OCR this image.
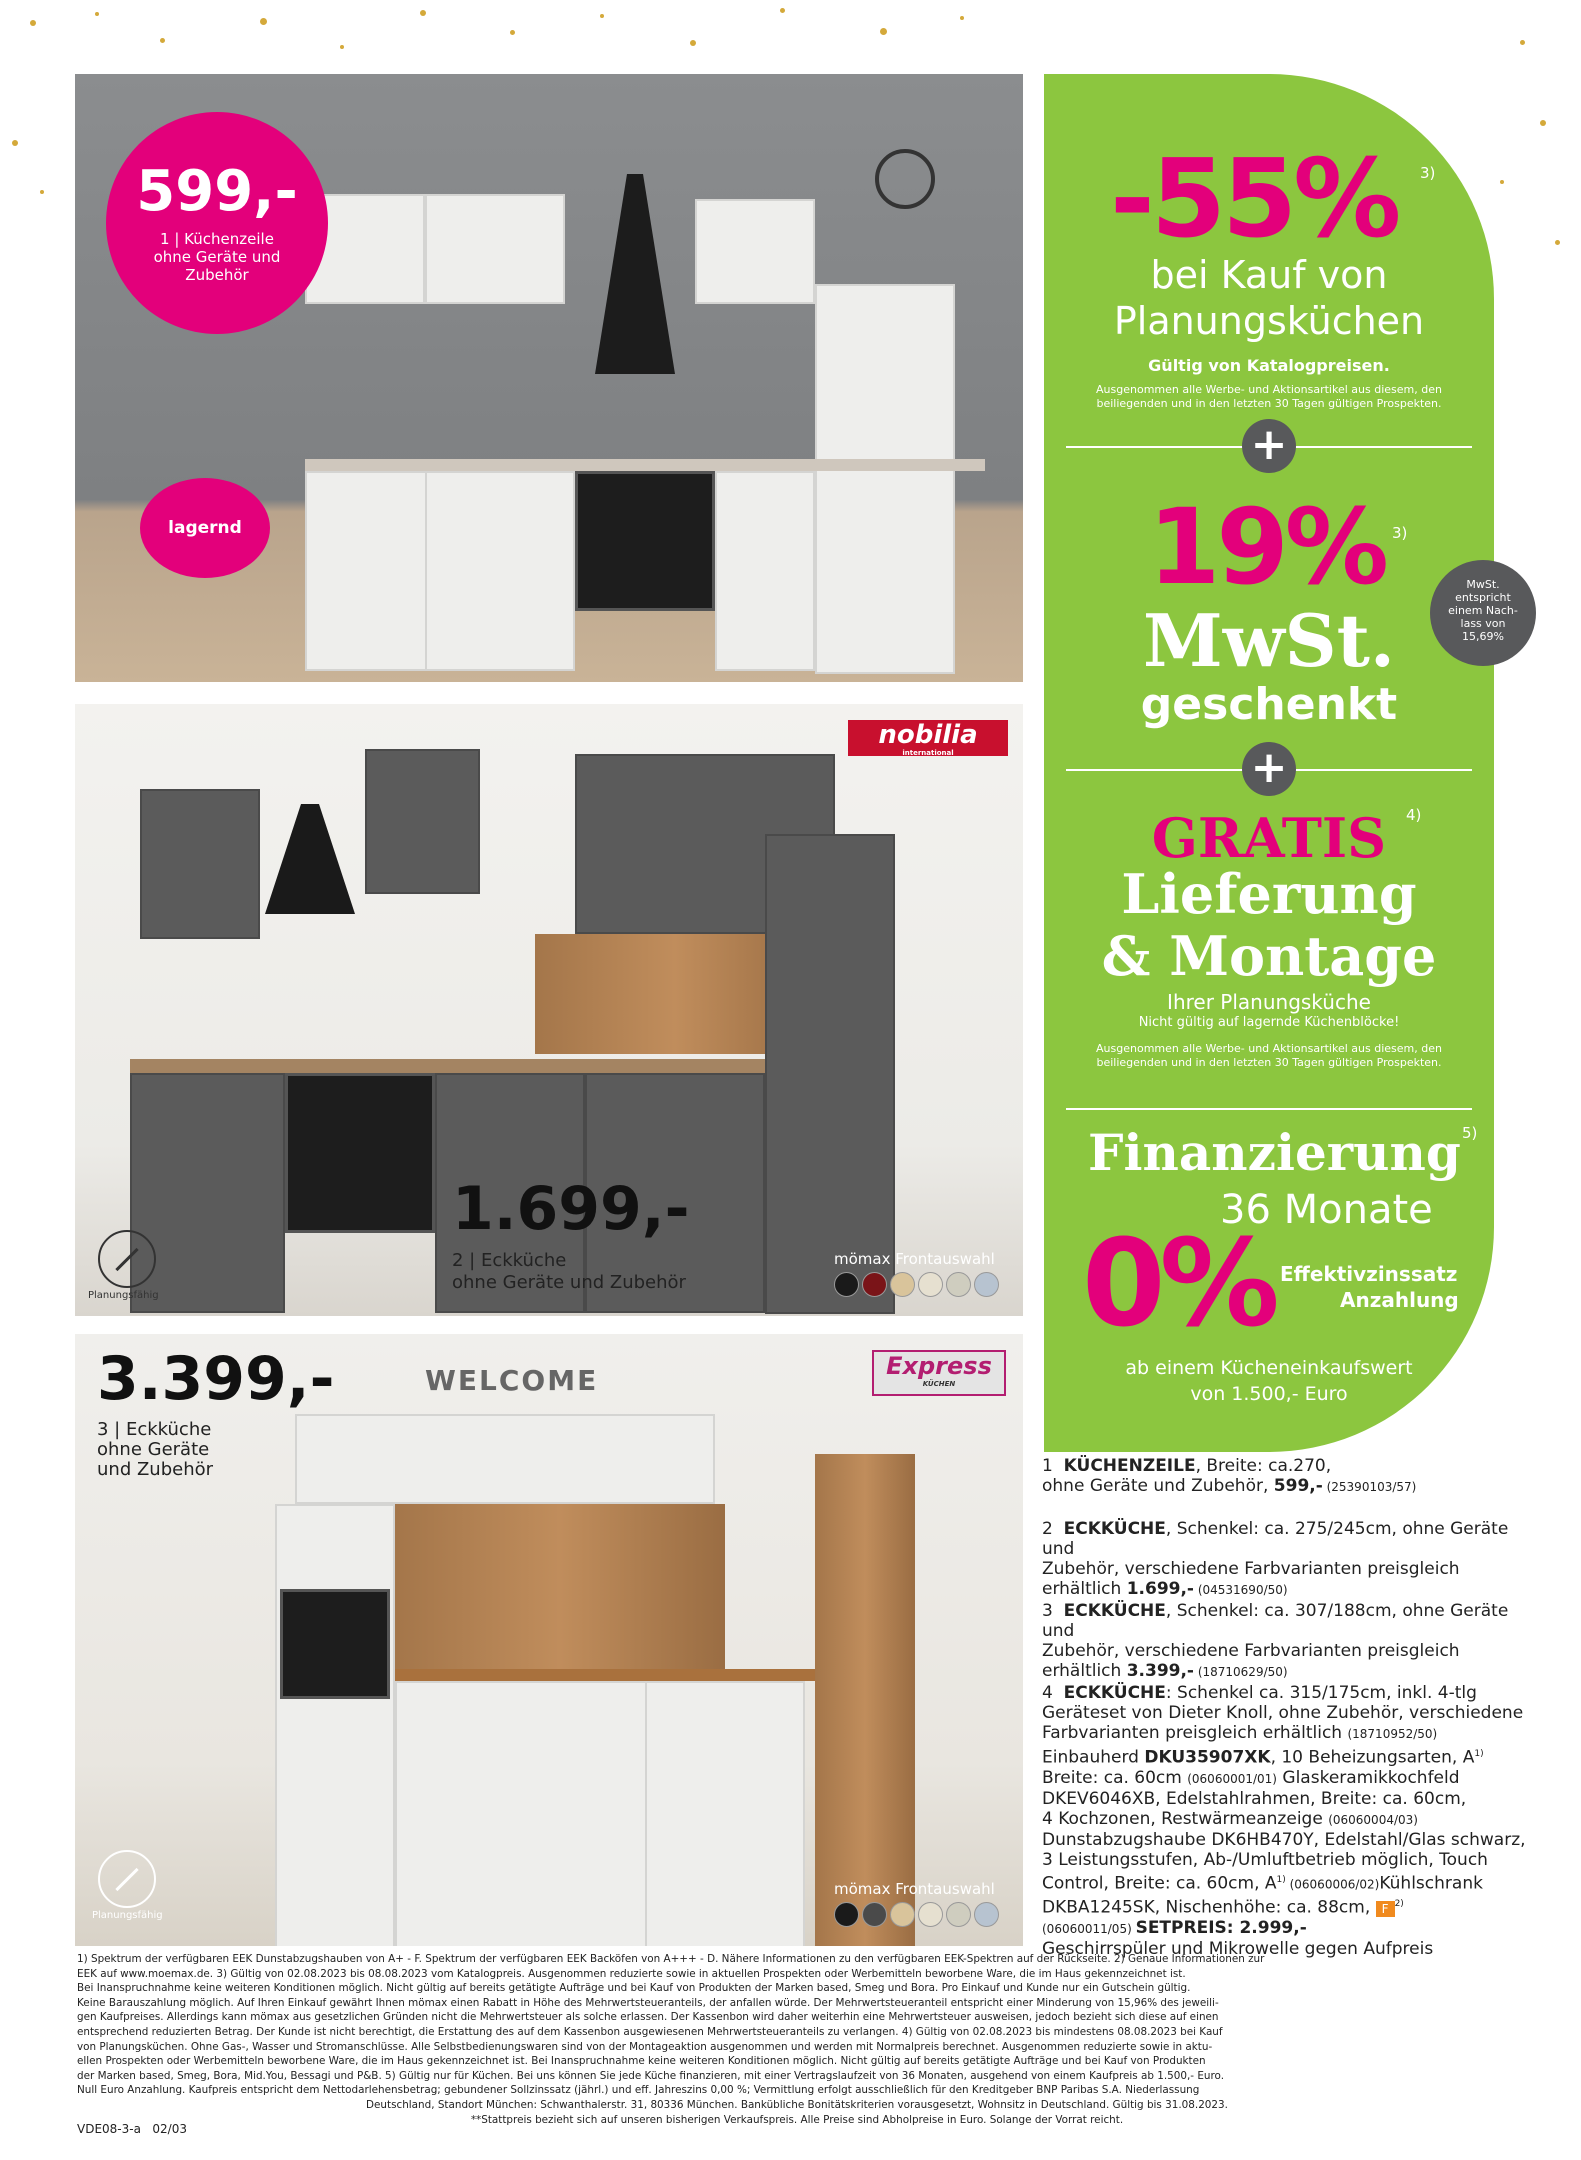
599,-
1 | Küchenzeile
ohne Geräte und
Zubehör
lagernd
nobilia
international
1.699,-
2 | Eckküche
ohne Geräte und Zubehör
Planungsfähig
mömax Frontauswahl
WELCOME	Express
KÜCHEN
3.399,-
3 | Eckküche
ohne Geräte
und Zubehör
Planungsfähig
mömax Frontauswahl
-55% 3)
bei Kauf von
Planungsküchen
Gültig von Katalogpreisen.
Ausgenommen alle Werbe- und Aktionsartikel aus diesem, den
beiliegenden und in den letzten 30 Tagen gültigen Prospekten.
+
19% 3)
MwSt.
geschenkt
MwSt.
entspricht
einem Nach-
lass von
15,69%
+
GRATIS	4)
Lieferung
& Montage
Ihrer Planungsküche
Nicht gültig auf lagernde Küchenblöcke!
Ausgenommen alle Werbe- und Aktionsartikel aus diesem, den
beiliegenden und in den letzten 30 Tagen gültigen Prospekten.
Finanzierung 5)
36 Monate
0% Effektivzinssatz
Anzahlung
ab einem Kücheneinkaufswert
von 1.500,- Euro
1 KÜCHENZEILE, Breite: ca.270,
ohne Geräte und Zubehör, 599,- (25390103/57)
2 ECKKÜCHE, Schenkel: ca. 275/245cm, ohne Geräte und
Zubehör, verschiedene Farbvarianten preisgleich
erhältlich 1.699,- (04531690/50)
3 ECKKÜCHE, Schenkel: ca. 307/188cm, ohne Geräte und
Zubehör, verschiedene Farbvarianten preisgleich
erhältlich 3.399,- (18710629/50)
4 ECKKÜCHE: Schenkel ca. 315/175cm, inkl. 4-tlg
Geräteset von Dieter Knoll, ohne Zubehör, verschiedene
Farbvarianten preisgleich erhältlich (18710952/50)
Einbauherd DKU35907XK, 10 Beheizungsarten, $A^{1)}$
Breite: ca. 60cm (06060001/01) Glaskeramikkochfeld
DKEV6046XB, Edelstahlrahmen, Breite: ca. 60cm,
4 Kochzonen, Restwärmeanzeige (06060004/03)
Dunstabzugshaube DK6HB470Y, Edelstahl/Glas schwarz,
3 Leistungsstufen, Ab-/Umluftbetrieb möglich, Touch
Control, Breite: ca. 60cm, $A^{1)}$ (06060006/02)Kühlschrank
DKBA1245SK, Nischenhöhe: ca. 88cm, F $^{2)}$
(06060011/05) SETPREIS: 2.999,-
Geschirrspüler und Mikrowelle gegen Aufpreis
1) Spektrum der verfügbaren EEK Dunstabzugshauben von A+ - F. Spektrum der verfügbaren EEK Backöfen von A+++ - D. Nähere Informationen zu den verfügbaren EEK-Spektren auf der Rückseite. 2) Genaue Informationen zur
EEK auf www.moemax.de. 3) Gültig von 02.08.2023 bis 08.08.2023 vom Katalogpreis. Ausgenommen reduzierte sowie in aktuellen Prospekten oder Werbemitteln beworbene Ware, die im Haus gekennzeichnet ist.
Bei Inanspruchnahme keine weiteren Konditionen möglich. Nicht gültig auf bereits getätigte Aufträge und bei Kauf von Produkten der Marken based, Smeg und Bora. Pro Einkauf und Kunde nur ein Gutschein gültig.
Keine Barauszahlung möglich. Auf Ihren Einkauf gewährt Ihnen mömax einen Rabatt in Höhe des Mehrwertsteueranteils, der anfallen würde. Der Mehrwertsteueranteil entspricht einer Minderung von 15,96% des jeweili-
gen Kaufpreises. Allerdings kann mömax aus gesetzlichen Gründen nicht die Mehrwertsteuer als solche erlassen. Der Kassenbon wird daher weiterhin eine Mehrwertsteuer ausweisen, jedoch bezieht sich diese auf einen
entsprechend reduzierten Betrag. Der Kunde ist nicht berechtigt, die Erstattung des auf dem Kassenbon ausgewiesenen Mehrwertsteueranteils zu verlangen. 4) Gültig von 02.08.2023 bis mindestens 08.08.2023 bei Kauf
von Planungsküchen. Ohne Gas-, Wasser und Stromanschlüsse. Alle Selbstbedienungswaren sind von der Montageaktion ausgenommen und werden mit Normalpreis berechnet. Ausgenommen reduzierte sowie in aktu-
ellen Prospekten oder Werbemitteln beworbene Ware, die im Haus gekennzeichnet ist. Bei Inanspruchnahme keine weiteren Konditionen möglich. Nicht gültig auf bereits getätigte Aufträge und bei Kauf von Produkten
der Marken based, Smeg, Bora, Mid.You, Bessagi und P&B. 5) Gültig nur für Küchen. Bei uns können Sie jede Küche finanzieren, mit einer Vertragslaufzeit von 36 Monaten, ausgehend von einem Kaufpreis ab 1.500,- Euro.
Null Euro Anzahlung. Kaufpreis entspricht dem Nettodarlehensbetrag; gebundener Sollzinssatz (jährl.) und eff. Jahreszins 0,00 %; Vermittlung erfolgt ausschließlich für den Kreditgeber BNP Paribas S.A. Niederlassung
Deutschland, Standort München: Schwanthalerstr. 31, 80336 München. Bankübliche Bonitätskriterien vorausgesetzt, Wohnsitz in Deutschland. Gültig bis 31.08.2023.
**Stattpreis bezieht sich auf unseren bisherigen Verkaufspreis. Alle Preise sind Abholpreise in Euro. Solange der Vorrat reicht.
VDE08-3-a   02/03
